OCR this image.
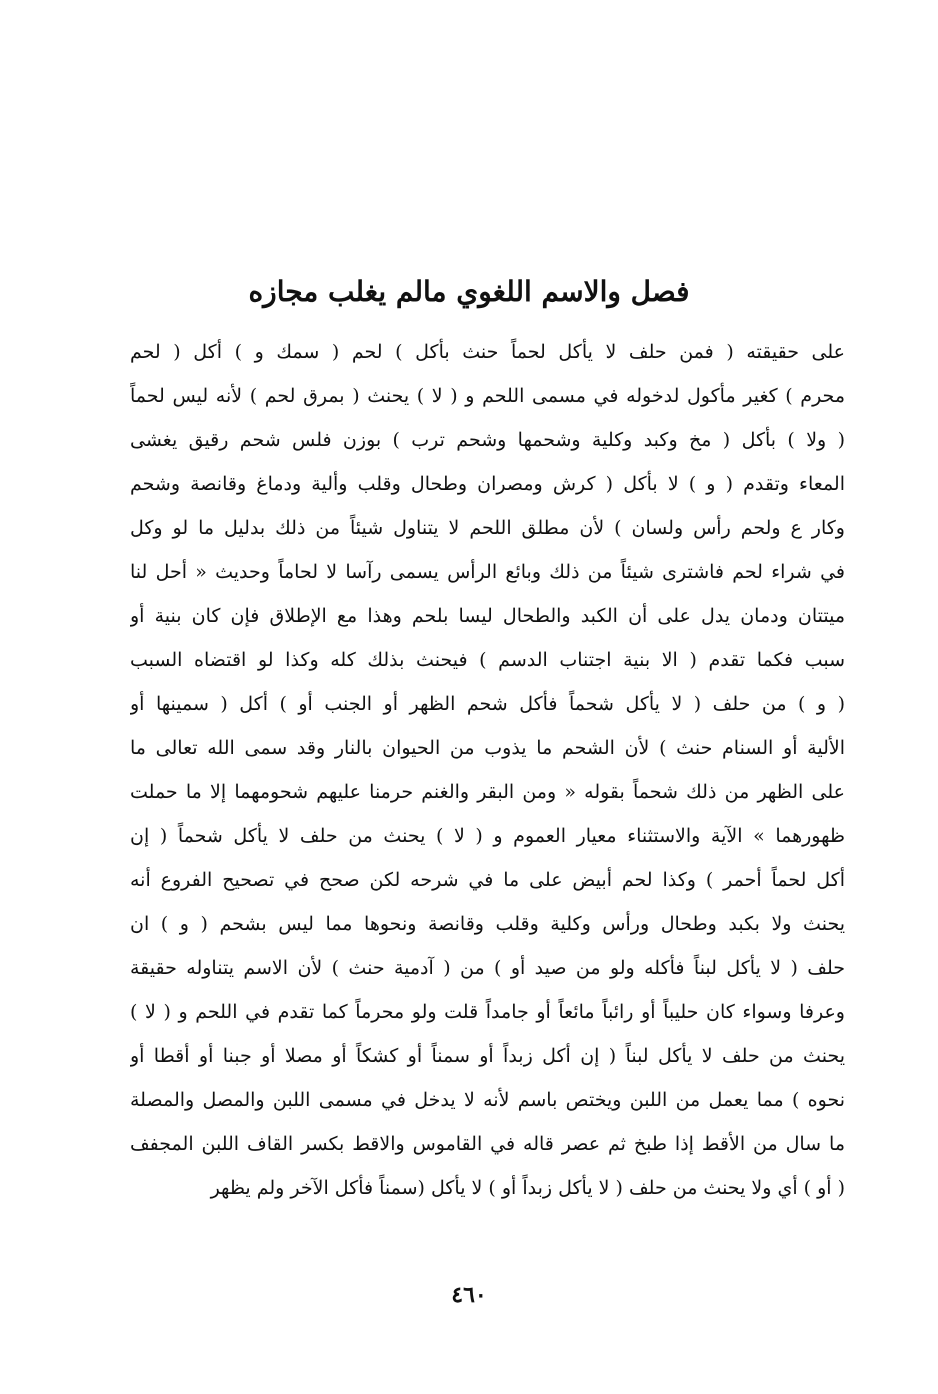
فصل والاسم اللغوي مالم يغلب مجازه
على حقيقته ( فمن حلف لا يأكل لحماً حنث بأكل ) لحم ( سمك و ) أكل ( لحم
محرم ) كغير مأكول لدخوله في مسمى اللحم و ( لا ) يحنث ( بمرق لحم ) لأنه ليس لحماً
( ولا ) بأكل ( مخ وكبد وكلية وشحمها وشحم ترب ) بوزن فلس شحم رقيق يغشى
المعاء وتقدم ( و ) لا بأكل ( كرش ومصران وطحال وقلب وألية ودماغ وقانصة وشحم
وكار ع ولحم رأس ولسان ) لأن مطلق اللحم لا يتناول شيئاً من ذلك بدليل ما لو وكل
في شراء لحم فاشترى شيئاً من ذلك وبائع الرأس يسمى رآسا لا لحاماً وحديث « أحل لنا
ميتتان ودمان يدل على أن الكبد والطحال ليسا بلحم وهذا مع الإطلاق فإن كان بنية أو
سبب فكما تقدم ( الا بنية اجتناب الدسم ) فيحنث بذلك كله وكذا لو اقتضاه السبب
( و ) من حلف ( لا يأكل شحماً فأكل شحم الظهر أو الجنب أو ) أكل ( سمينها أو
الألية أو السنام حنث ) لأن الشحم ما يذوب من الحيوان بالنار وقد سمى الله تعالى ما
على الظهر من ذلك شحماً بقوله « ومن البقر والغنم حرمنا عليهم شحومهما إلا ما حملت
ظهورهما » الآية والاستثناء معيار العموم و ( لا ) يحنث من حلف لا يأكل شحماً ( إن
أكل لحماً أحمر ) وكذا لحم أبيض على ما في شرحه لكن صحح في تصحيح الفروع أنه
يحنث ولا بكبد وطحال ورأس وكلية وقلب وقانصة ونحوها مما ليس بشحم ( و ) ان
حلف ( لا يأكل لبناً فأكله ولو من صيد أو ) من ( آدمية حنث ) لأن الاسم يتناوله حقيقة
وعرفا وسواء كان حليباً أو رائباً مائعاً أو جامداً قلت ولو محرماً كما تقدم في اللحم و ( لا )
يحنث من حلف لا يأكل لبناً ( إن أكل زبداً أو سمناً أو كشكاً أو مصلا أو جبنا أو أقطا أو
نحوه ) مما يعمل من اللبن ويختص باسم لأنه لا يدخل في مسمى اللبن والمصل والمصلة
ما سال من الأقط إذا طبخ ثم عصر قاله في القاموس والاقط بكسر القاف اللبن المجفف
( أو ) أي ولا يحنث من حلف ( لا يأكل زبداً أو ) لا يأكل (سمناً فأكل الآخر ولم يظهر
٤٦٠
